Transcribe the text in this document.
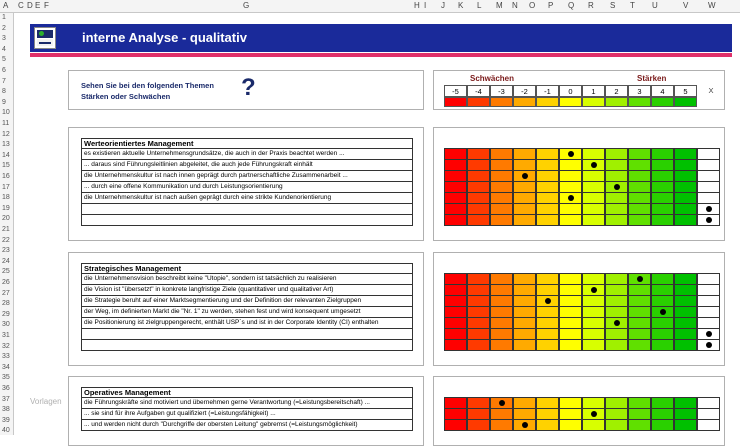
A C D E F	G	H I J K L M N O P Q R S T U	V W
1
2
3
4
5
6
7
8
9
10
11
12
13
14
15
16
17
18
19
20
21
22
23
24
25
26
27
28
29
30
31
32
33
34
35
36
37
38
39
40
interne Analyse - qualitativ
Sehen Sie bei den folgenden Themen
Stärken oder Schwächen	?	Schwächen	Stärken
X
-5	-4	-3	-2	-1	0	1	2	3	4	5
Werteorientiertes Management
es existieren aktuelle Unternehmensgrundsätze, die auch in der Praxis beachtet werden ...
... daraus sind Führungsleitlinien abgeleitet, die auch jede Führungskraft einhält
die Unternehmenskultur ist nach innen geprägt durch partnerschaftliche Zusammenarbeit ...
... durch eine offene Kommunikation und durch Leistungsorientierung
die Unternehmenskultur ist nach außen geprägt durch eine strikte Kundenorientierung
Strategisches Management
die Unternehmensvision beschreibt keine "Utopie", sondern ist tatsächlich zu realisieren
die Vision ist "übersetzt" in konkrete langfristige Ziele (quantitativer und qualitativer Art)
die Strategie beruht auf einer Marktsegmentierung und der Definition der relevanten Zielgruppen
der Weg, im definierten Markt die "Nr. 1" zu werden, stehen fest und wird konsequent umgesetzt
die Positionierung ist zielgruppengerecht, enthält USP´s und ist in der Corporate Identity (CI) enthalten
Operatives Management
die Führungskräfte sind motiviert und übernehmen gerne Verantwortung (=Leistungsbereitschaft) ...
... sie sind für ihre Aufgaben gut qualifiziert (=Leistungsfähigkeit) ...
... und werden nicht durch "Durchgriffe der obersten Leitung" gebremst (=Leistungsmöglichkeit)
Vorlagen
